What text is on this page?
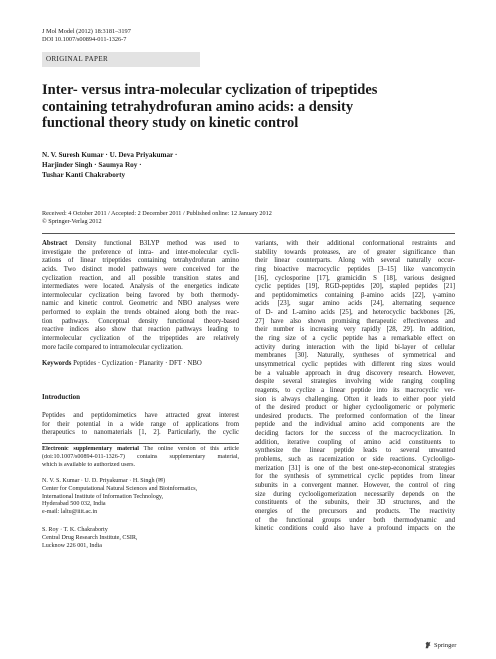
J Mol Model (2012) 18:3181–3197
DOI 10.1007/s00894-011-1326-7
ORIGINAL PAPER
Inter- versus intra-molecular cyclization of tripeptides
containing tetrahydrofuran amino acids: a density
functional theory study on kinetic control
N. V. Suresh Kumar · U. Deva Priyakumar ·
Harjinder Singh · Saumya Roy ·
Tushar Kanti Chakraborty
Received: 4 October 2011 / Accepted: 2 December 2011 / Published online: 12 January 2012
© Springer-Verlag 2012
Abstract Density functional B3LYP method was used to
investigate the preference of intra- and inter-molecular cycli-
zations of linear tripeptides containing tetrahydrofuran amino
acids. Two distinct model pathways were conceived for the
cyclization reaction, and all possible transition states and
intermediates were located. Analysis of the energetics indicate
intermolecular cyclization being favored by both thermody-
namic and kinetic control. Geometric and NBO analyses were
performed to explain the trends obtained along both the reac-
tion pathways. Conceptual density functional theory-based
reactive indices also show that reaction pathways leading to
intermolecular cyclization of the tripeptides are relatively
more facile compared to intramolecular cyclization.
Keywords Peptides · Cyclization · Planarity · DFT · NBO
Introduction
Peptides and peptidomimetics have attracted great interest
for their potential in a wide range of applications from
therapeutics to nanomaterials [1, 2]. Particularly, the cyclic
Electronic supplementary material The online version of this article
(doi:10.1007/s00894-011-1326-7) contains supplementary material,
which is available to authorized users.
N. V. S. Kumar · U. D. Priyakumar · H. Singh (✉)
Center for Computational Natural Sciences and Bioinformatics,
International Institute of Information Technology,
Hyderabad 500 032, India
e-mail: laltu@iiit.ac.in
S. Roy · T. K. Chakraborty
Central Drug Research Institute, CSIR,
Lucknow 226 001, India
variants, with their additional conformational restraints and
stability towards proteases, are of greater significance than
their linear counterparts. Along with several naturally occur-
ring bioactive macrocyclic peptides [3–15] like vancomycin
[16], cyclosporine [17], gramicidin S [18], various designed
cyclic peptides [19], RGD-peptides [20], stapled peptides [21]
and peptidomimetics containing β-amino acids [22], γ-amino
acids [23], sugar amino acids [24], alternating sequence
of D- and L-amino acids [25], and heterocyclic backbones [26,
27] have also shown promising therapeutic effectiveness and
their number is increasing very rapidly [28, 29]. In addition,
the ring size of a cyclic peptide has a remarkable effect on
activity during interaction with the lipid bi-layer of cellular
membranes [30]. Naturally, syntheses of symmetrical and
unsymmetrical cyclic peptides with different ring sizes would
be a valuable approach in drug discovery research. However,
despite several strategies involving wide ranging coupling
reagents, to cyclize a linear peptide into its macrocyclic ver-
sion is always challenging. Often it leads to either poor yield
of the desired product or higher cyclooligomeric or polymeric
undesired products. The preformed conformation of the linear
peptide and the individual amino acid components are the
deciding factors for the success of the macrocyclization. In
addition, iterative coupling of amino acid constituents to
synthesize the linear peptide leads to several unwanted
problems, such as racemization or side reactions. Cyclooligo-
merization [31] is one of the best one-step-economical strategies
for the synthesis of symmetrical cyclic peptides from linear
subunits in a convergent manner. However, the control of ring
size during cyclooligomerization necessarily depends on the
constituents of the subunits, their 3D structures, and the
energies of the precursors and products. The reactivity
of the functional groups under both thermodynamic and
kinetic conditions could also have a profound impacts on the
Springer
